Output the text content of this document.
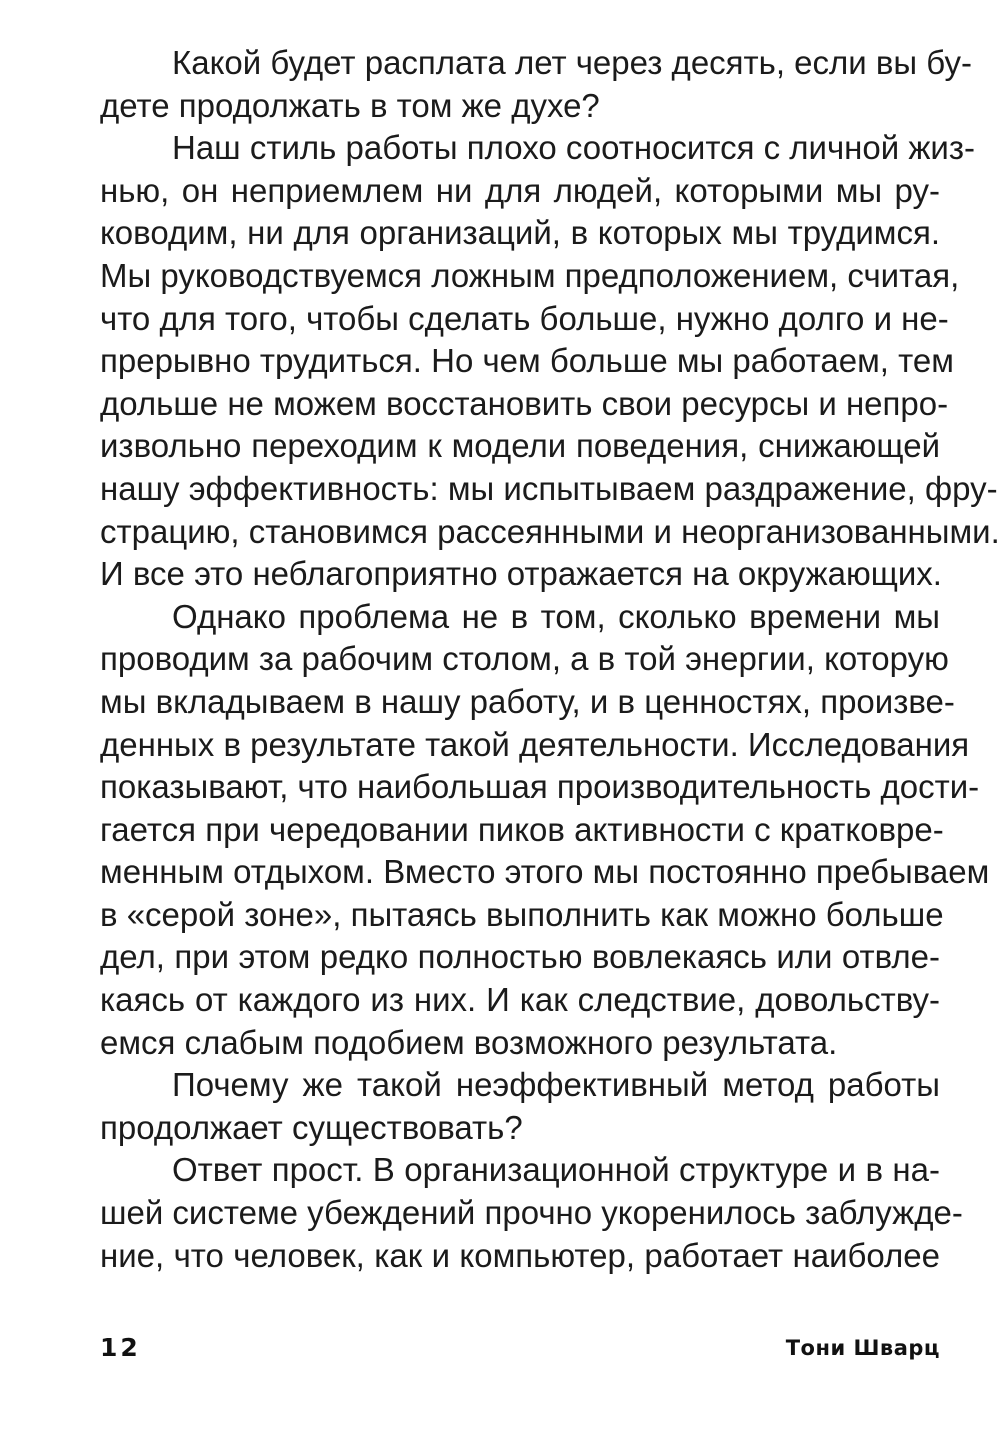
Какой будет расплата лет через десять, если вы бу-
дете продолжать в том же духе?
Наш стиль работы плохо соотносится с личной жиз-
нью, он неприемлем ни для людей, которыми мы ру-
ководим, ни для организаций, в которых мы трудимся.
Мы руководствуемся ложным предположением, считая,
что для того, чтобы сделать больше, нужно долго и не-
прерывно трудиться. Но чем больше мы работаем, тем
дольше не можем восстановить свои ресурсы и непро-
извольно переходим к модели поведения, снижающей
нашу эффективность: мы испытываем раздражение, фру-
страцию, становимся рассеянными и неорганизованными.
И все это неблагоприятно отражается на окружающих.
Однако проблема не в том, сколько времени мы
проводим за рабочим столом, а в той энергии, которую
мы вкладываем в нашу работу, и в ценностях, произве-
денных в результате такой деятельности. Исследования
показывают, что наибольшая производительность дости-
гается при чередовании пиков активности с кратковре-
менным отдыхом. Вместо этого мы постоянно пребываем
в «серой зоне», пытаясь выполнить как можно больше
дел, при этом редко полностью вовлекаясь или отвле-
каясь от каждого из них. И как следствие, довольству-
емся слабым подобием возможного результата.
Почему же такой неэффективный метод работы
продолжает существовать?
Ответ прост. В организационной структуре и в на-
шей системе убеждений прочно укоренилось заблужде-
ние, что человек, как и компьютер, работает наиболее
12	Тони Шварц
